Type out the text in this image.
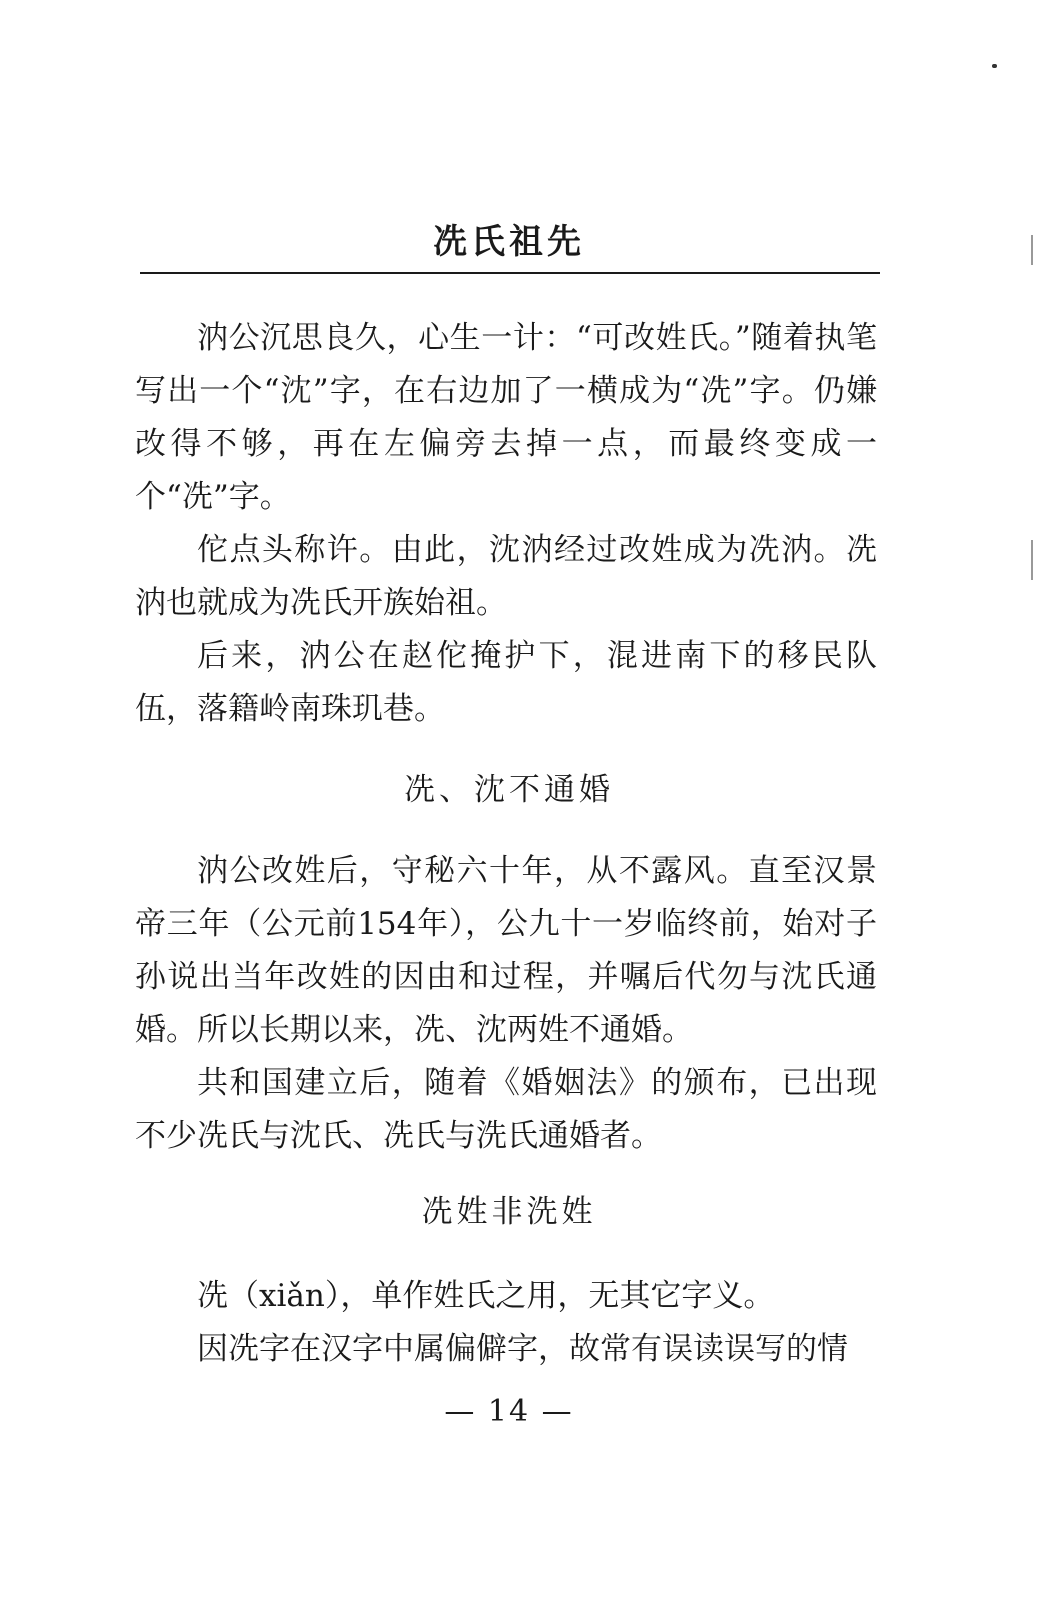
冼氏祖先

汭公沉思良久，心生一计：“可改姓氏。”随着执笔写出一个“沈”字，在右边加了一横成为“冼”字。仍嫌改得不够，再在左偏旁去掉一点，而最终变成一个“冼”字。

佗点头称许。由此，沈汭经过改姓成为冼汭。冼汭也就成为冼氏开族始祖。

后来，汭公在赵佗掩护下，混进南下的移民队伍，落籍岭南珠玑巷。

冼、沈不通婚

汭公改姓后，守秘六十年，从不露风。直至汉景帝三年（公元前154年），公九十一岁临终前，始对子孙说出当年改姓的因由和过程，并嘱后代勿与沈氏通婚。所以长期以来，冼、沈两姓不通婚。

共和国建立后，随着《婚姻法》的颁布，已出现不少冼氏与沈氏、冼氏与洗氏通婚者。

冼姓非洗姓

冼（xiǎn），单作姓氏之用，无其它字义。

因冼字在汉字中属偏僻字，故常有误读误写的情

— 14 —
